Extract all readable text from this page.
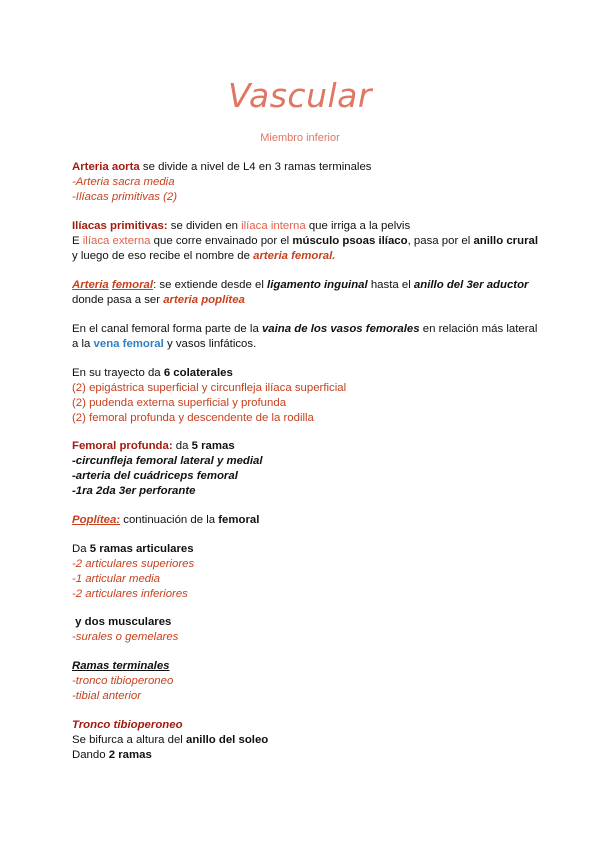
Vascular
Miembro inferior
Arteria aorta se divide a nivel de L4 en 3 ramas terminales
-Arteria sacra media
-Ilíacas primitivas (2)
Ilíacas primitivas: se dividen en ilíaca interna que irriga a la pelvis
E ilíaca externa que corre envainado por el músculo psoas ilíaco, pasa por el anillo crural
y luego de eso recibe el nombre de arteria femoral.
Arteria femoral: se extiende desde el ligamento inguinal hasta el anillo del 3er aductor
donde pasa a ser arteria poplítea
En el canal femoral forma parte de la vaina de los vasos femorales en relación más lateral
a la vena femoral y vasos linfáticos.
En su trayecto da 6 colaterales
(2) epigástrica superficial y circunfleja ilíaca superficial
(2) pudenda externa superficial y profunda
(2) femoral profunda y descendente de la rodilla
Femoral profunda: da 5 ramas
-circunfleja femoral lateral y medial
-arteria del cuádriceps femoral
-1ra 2da 3er perforante
Poplítea: continuación de la femoral
Da 5 ramas articulares
-2 articulares superiores
-1 articular media
-2 articulares inferiores
y dos musculares
-surales o gemelares
Ramas terminales
-tronco tibioperoneo
-tibial anterior
Tronco tibioperoneo
Se bifurca a altura del anillo del soleo
Dando 2 ramas
